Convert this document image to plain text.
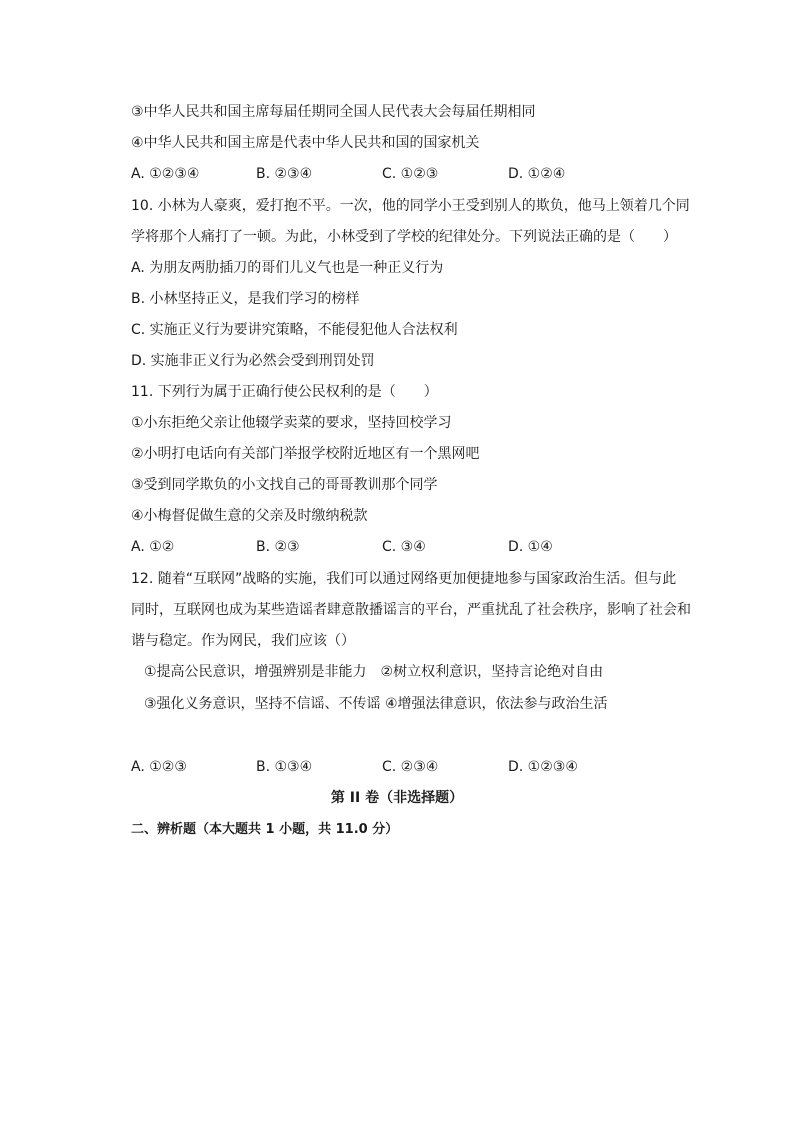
③中华人民共和国主席每届任期同全国人民代表大会每届任期相同
④中华人民共和国主席是代表中华人民共和国的国家机关
A. ①②③④	B. ②③④	C. ①②③	D. ①②④
10. 小林为人豪爽，爱打抱不平。一次，他的同学小王受到别人的欺负，他马上领着几个同
学将那个人痛打了一顿。为此，小林受到了学校的纪律处分。下列说法正确的是（　　）
A. 为朋友两肋插刀的哥们儿义气也是一种正义行为
B. 小林坚持正义，是我们学习的榜样
C. 实施正义行为要讲究策略，不能侵犯他人合法权利
D. 实施非正义行为必然会受到刑罚处罚
11. 下列行为属于正确行使公民权利的是（　　）
①小东拒绝父亲让他辍学卖菜的要求，坚持回校学习
②小明打电话向有关部门举报学校附近地区有一个黑网吧
③受到同学欺负的小文找自己的哥哥教训那个同学
④小梅督促做生意的父亲及时缴纳税款
A. ①②	B. ②③	C. ③④	D. ①④
12. 随着“互联网”战略的实施，我们可以通过网络更加便捷地参与国家政治生活。但与此
同时，互联网也成为某些造谣者肆意散播谣言的平台，严重扰乱了社会秩序，影响了社会和
谐与稳定。作为网民，我们应该（）
①提高公民意识，增强辨别是非能力　②树立权利意识，坚持言论绝对自由
③强化义务意识，坚持不信谣、不传谣 ④增强法律意识，依法参与政治生活
A. ①②③	B. ①③④	C. ②③④	D. ①②③④
第 II 卷（非选择题）
二、辨析题（本大题共 1 小题，共 11.0 分）
